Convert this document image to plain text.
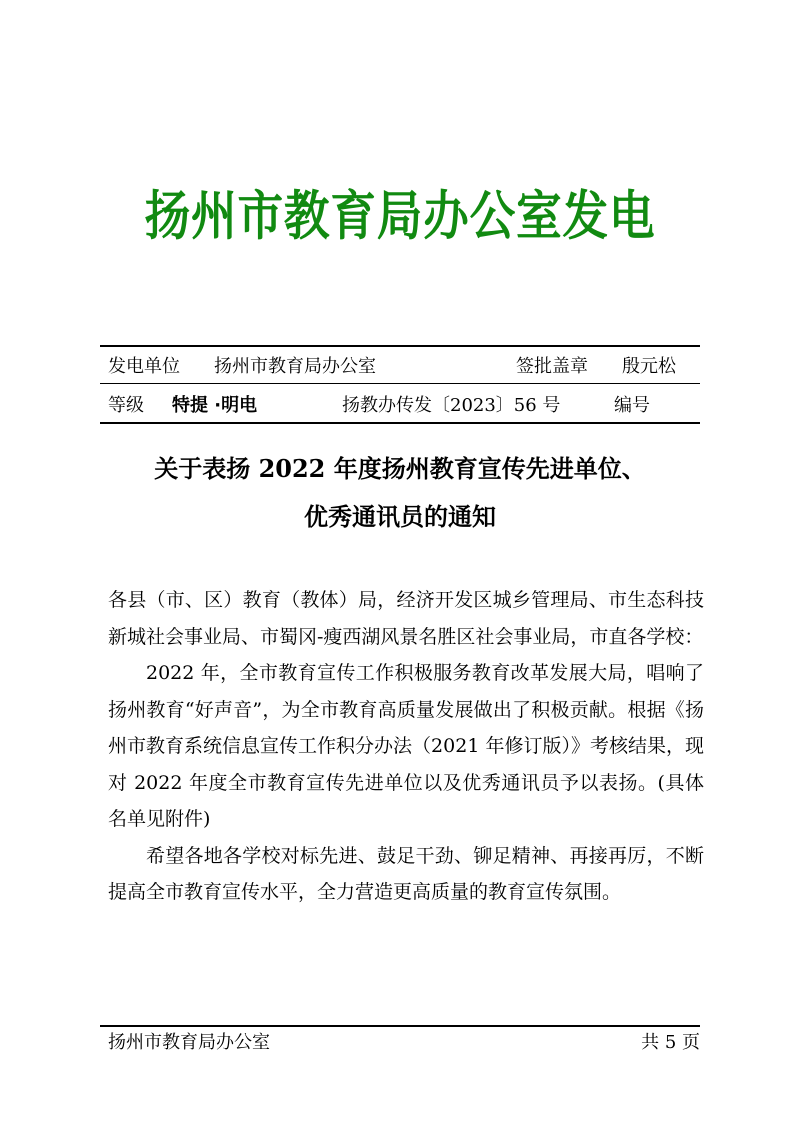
扬州市教育局办公室发电
发电单位 扬州市教育局办公室	签批盖章 殷元松
等级 特提 ·明电	扬教办传发〔2023〕56 号	编号
关于表扬 2022 年度扬州教育宣传先进单位、
优秀通讯员的通知

各县（市、区）教育（教体）局，经济开发区城乡管理局、市生态科技新城社会事业局、市蜀冈-瘦西湖风景名胜区社会事业局，市直各学校：

2022 年，全市教育宣传工作积极服务教育改革发展大局，唱响了扬州教育“好声音”，为全市教育高质量发展做出了积极贡献。根据《扬州市教育系统信息宣传工作积分办法（2021 年修订版）》考核结果，现对 2022 年度全市教育宣传先进单位以及优秀通讯员予以表扬。(具体名单见附件)

希望各地各学校对标先进、鼓足干劲、铆足精神、再接再厉，不断提高全市教育宣传水平，全力营造更高质量的教育宣传氛围。

扬州市教育局办公室	共 5 页
